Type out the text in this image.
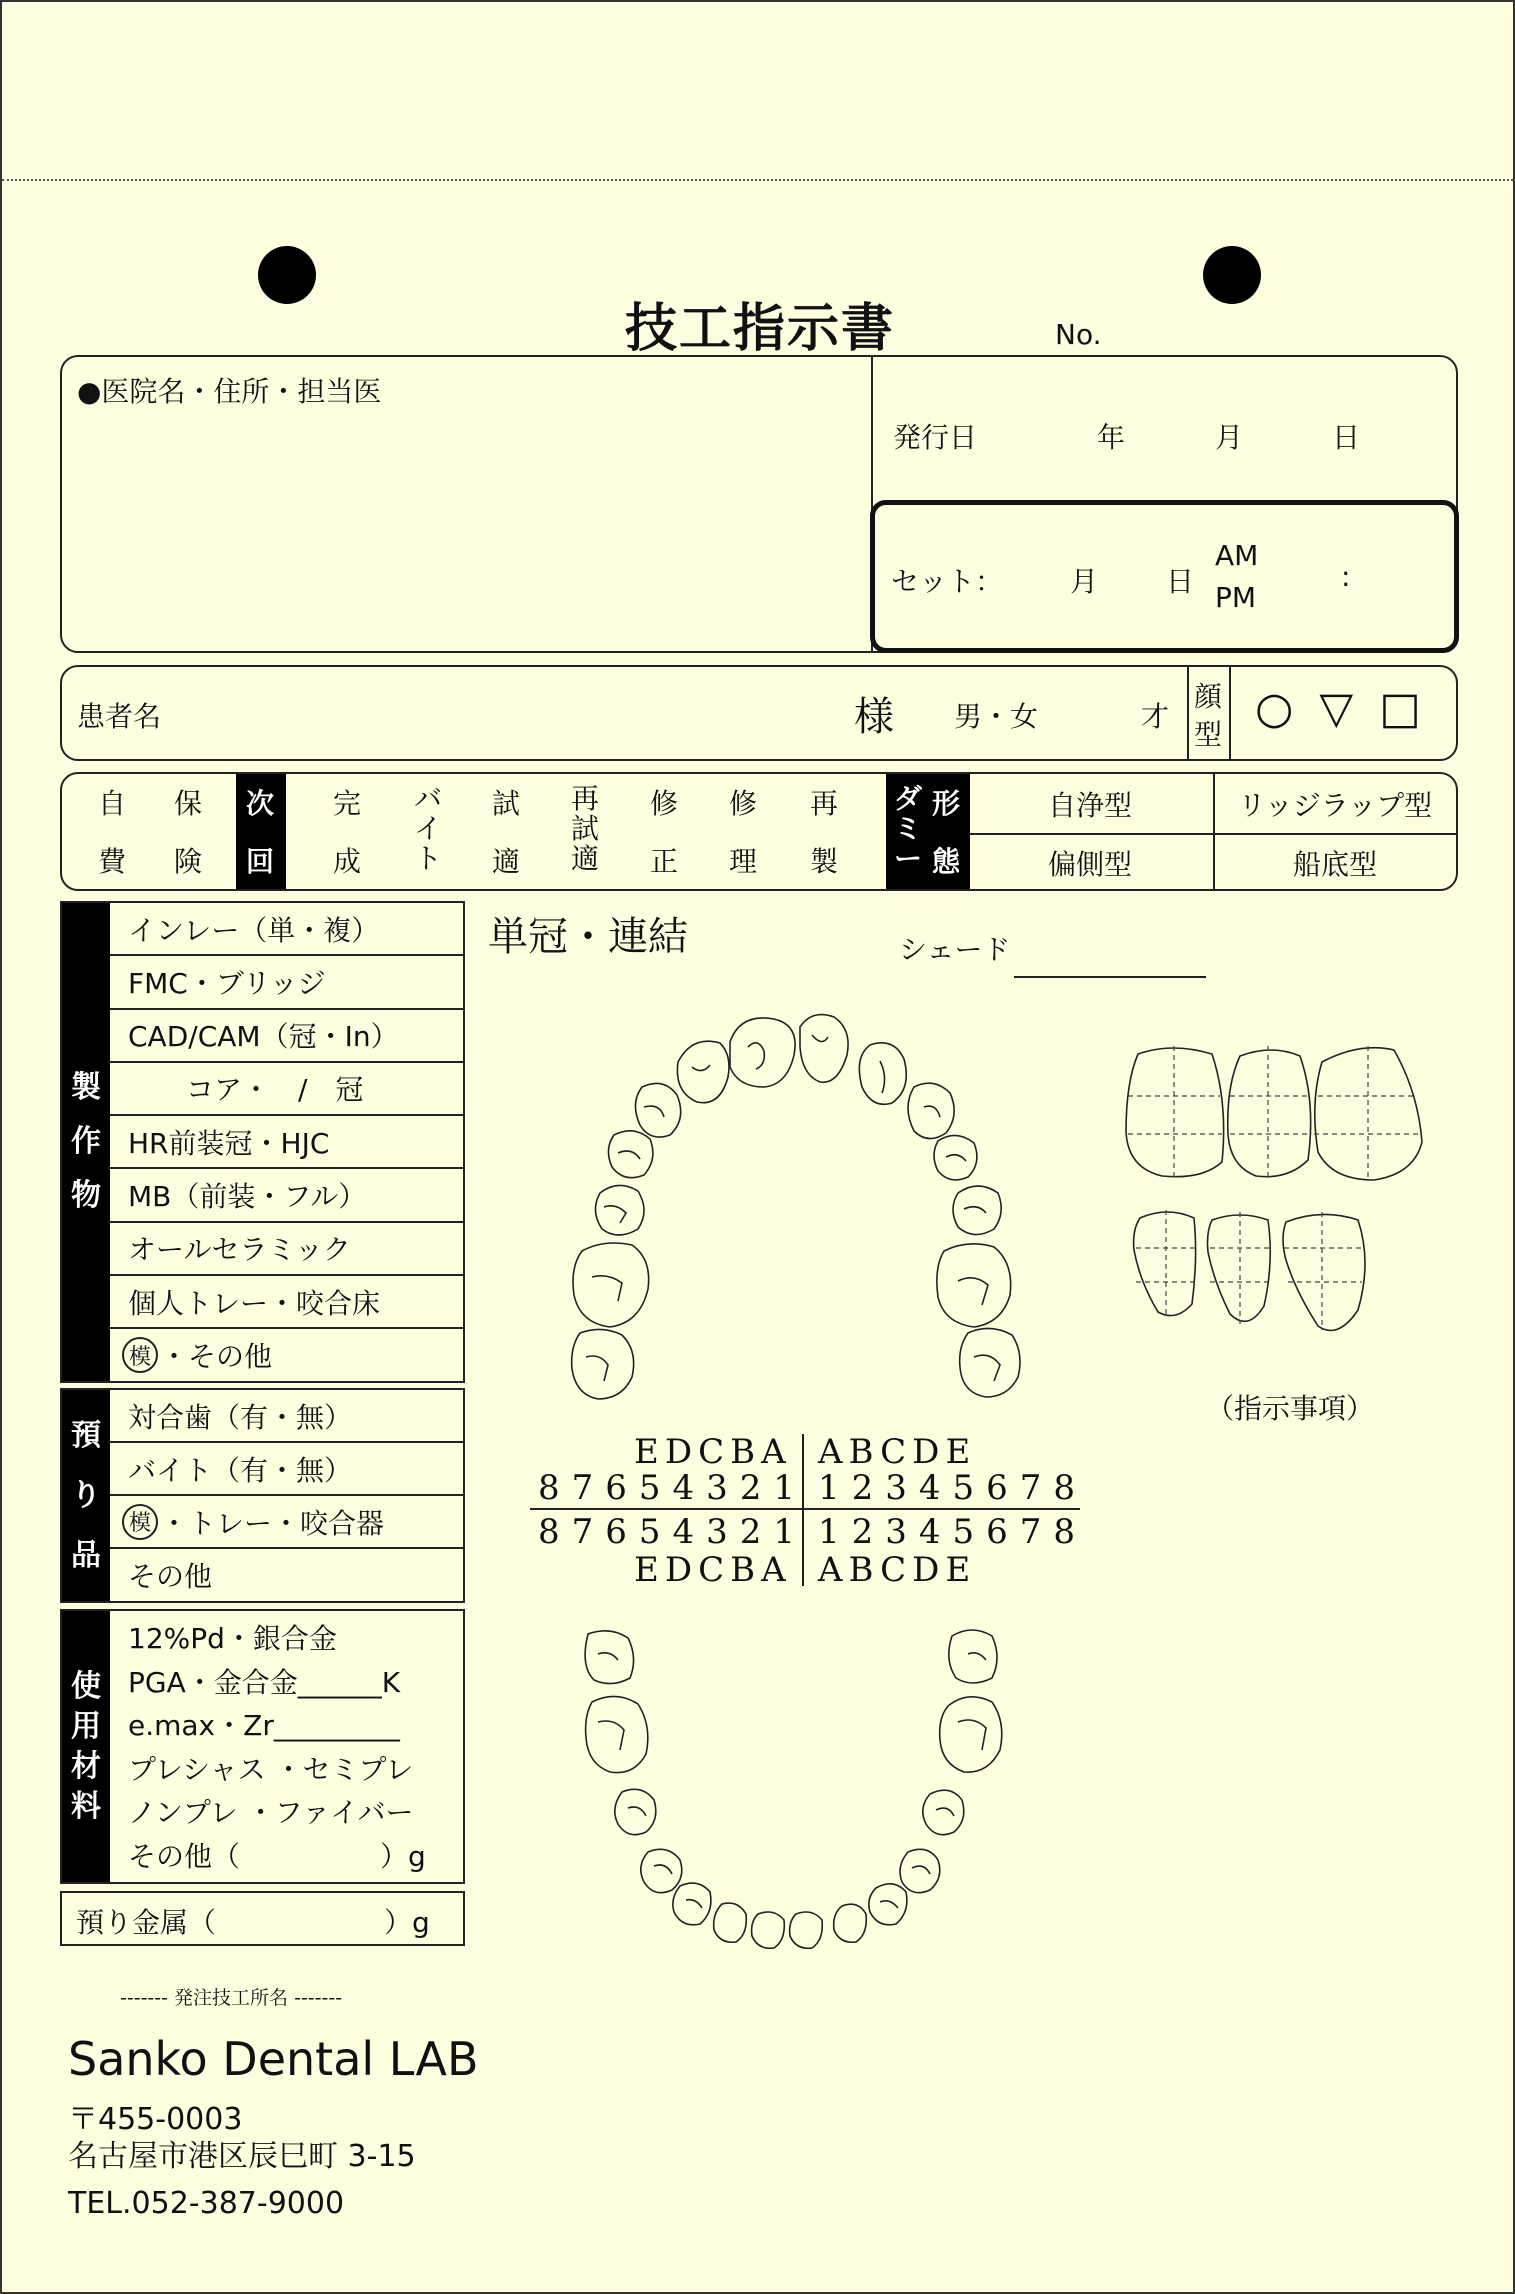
技工指示書	No.
●医院名・住所・担当医
発行日	年	月	日
セット： 月 日
AM
PM
:
患者名	様 男・女	才
顔
型
○ ▽ □
自
費
保
険
次
回
完
成
バ
イ
ト
試
適
再
試
適
修
正
修
理
再
製
ダ
ミ
ー
形
態
自浄型	リッジラップ型
偏側型	船底型
製
作
物
インレー（単・複）
FMC・ブリッジ
CAD/CAM（冠・In）
コア・　/　冠
HR前装冠・HJC
MB（前装・フル）
オールセラミック
個人トレー・咬合床
模 ・その他
預
り
品
対合歯（有・無）
バイト（有・無）
模 ・トレー・咬合器
その他
使
用
材
料
12%Pd・銀合金
PGA・金合金______K
e.max・Zr_________
プレシャス ・セミプレ
ノンプレ ・ファイバー
その他（　　　　　）g
預り金属（　　　　　　）g
単冠・連結	シェード
EDCBA ABCDE
87654321 12345678
87654321 12345678
EDCBA ABCDE
（指示事項）
------- 発注技工所名 -------
Sanko Dental LAB
〒455-0003
名古屋市港区辰巳町 3-15
TEL.052-387-9000
